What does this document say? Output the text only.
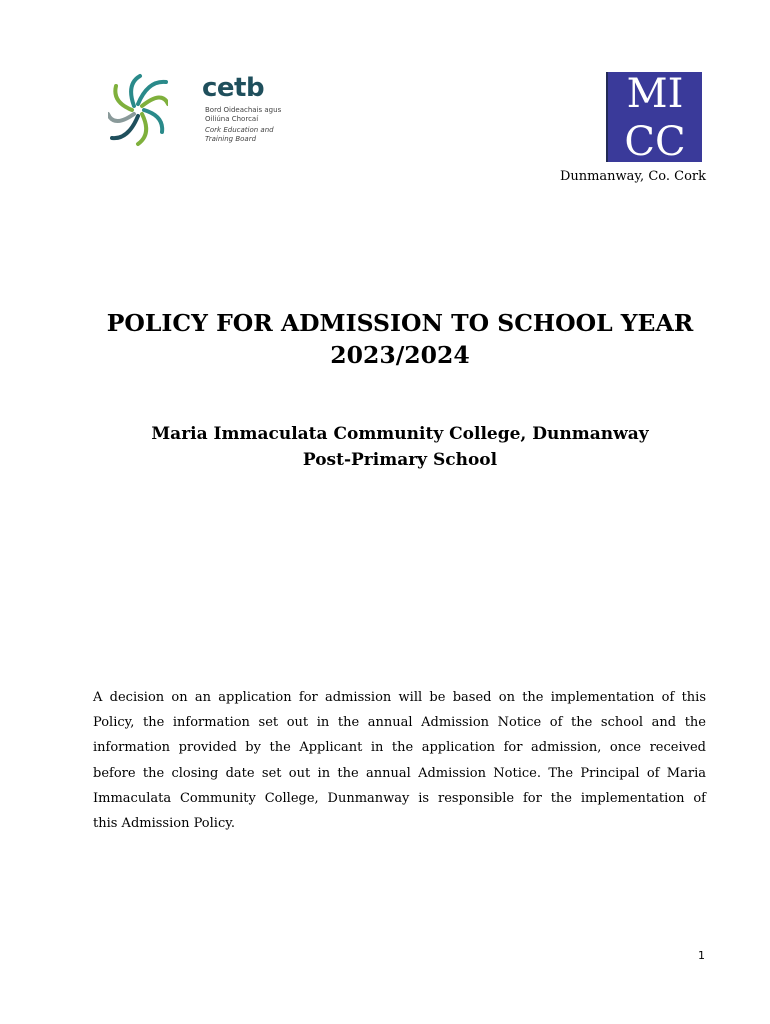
cetb
Bord Oideachais agus
Oiliúna Chorcaí
Cork Education and
Training Board
MI
CC
Dunmanway, Co. Cork
POLICY FOR ADMISSION TO SCHOOL YEAR
2023/2024
Maria Immaculata Community College, Dunmanway
Post-Primary School
A decision on an application for admission will be based on the implementation of this
Policy, the information set out in the annual Admission Notice of the school and the
information provided by the Applicant in the application for admission, once received
before the closing date set out in the annual Admission Notice. The Principal of Maria
Immaculata Community College, Dunmanway is responsible for the implementation of
this Admission Policy.
1
